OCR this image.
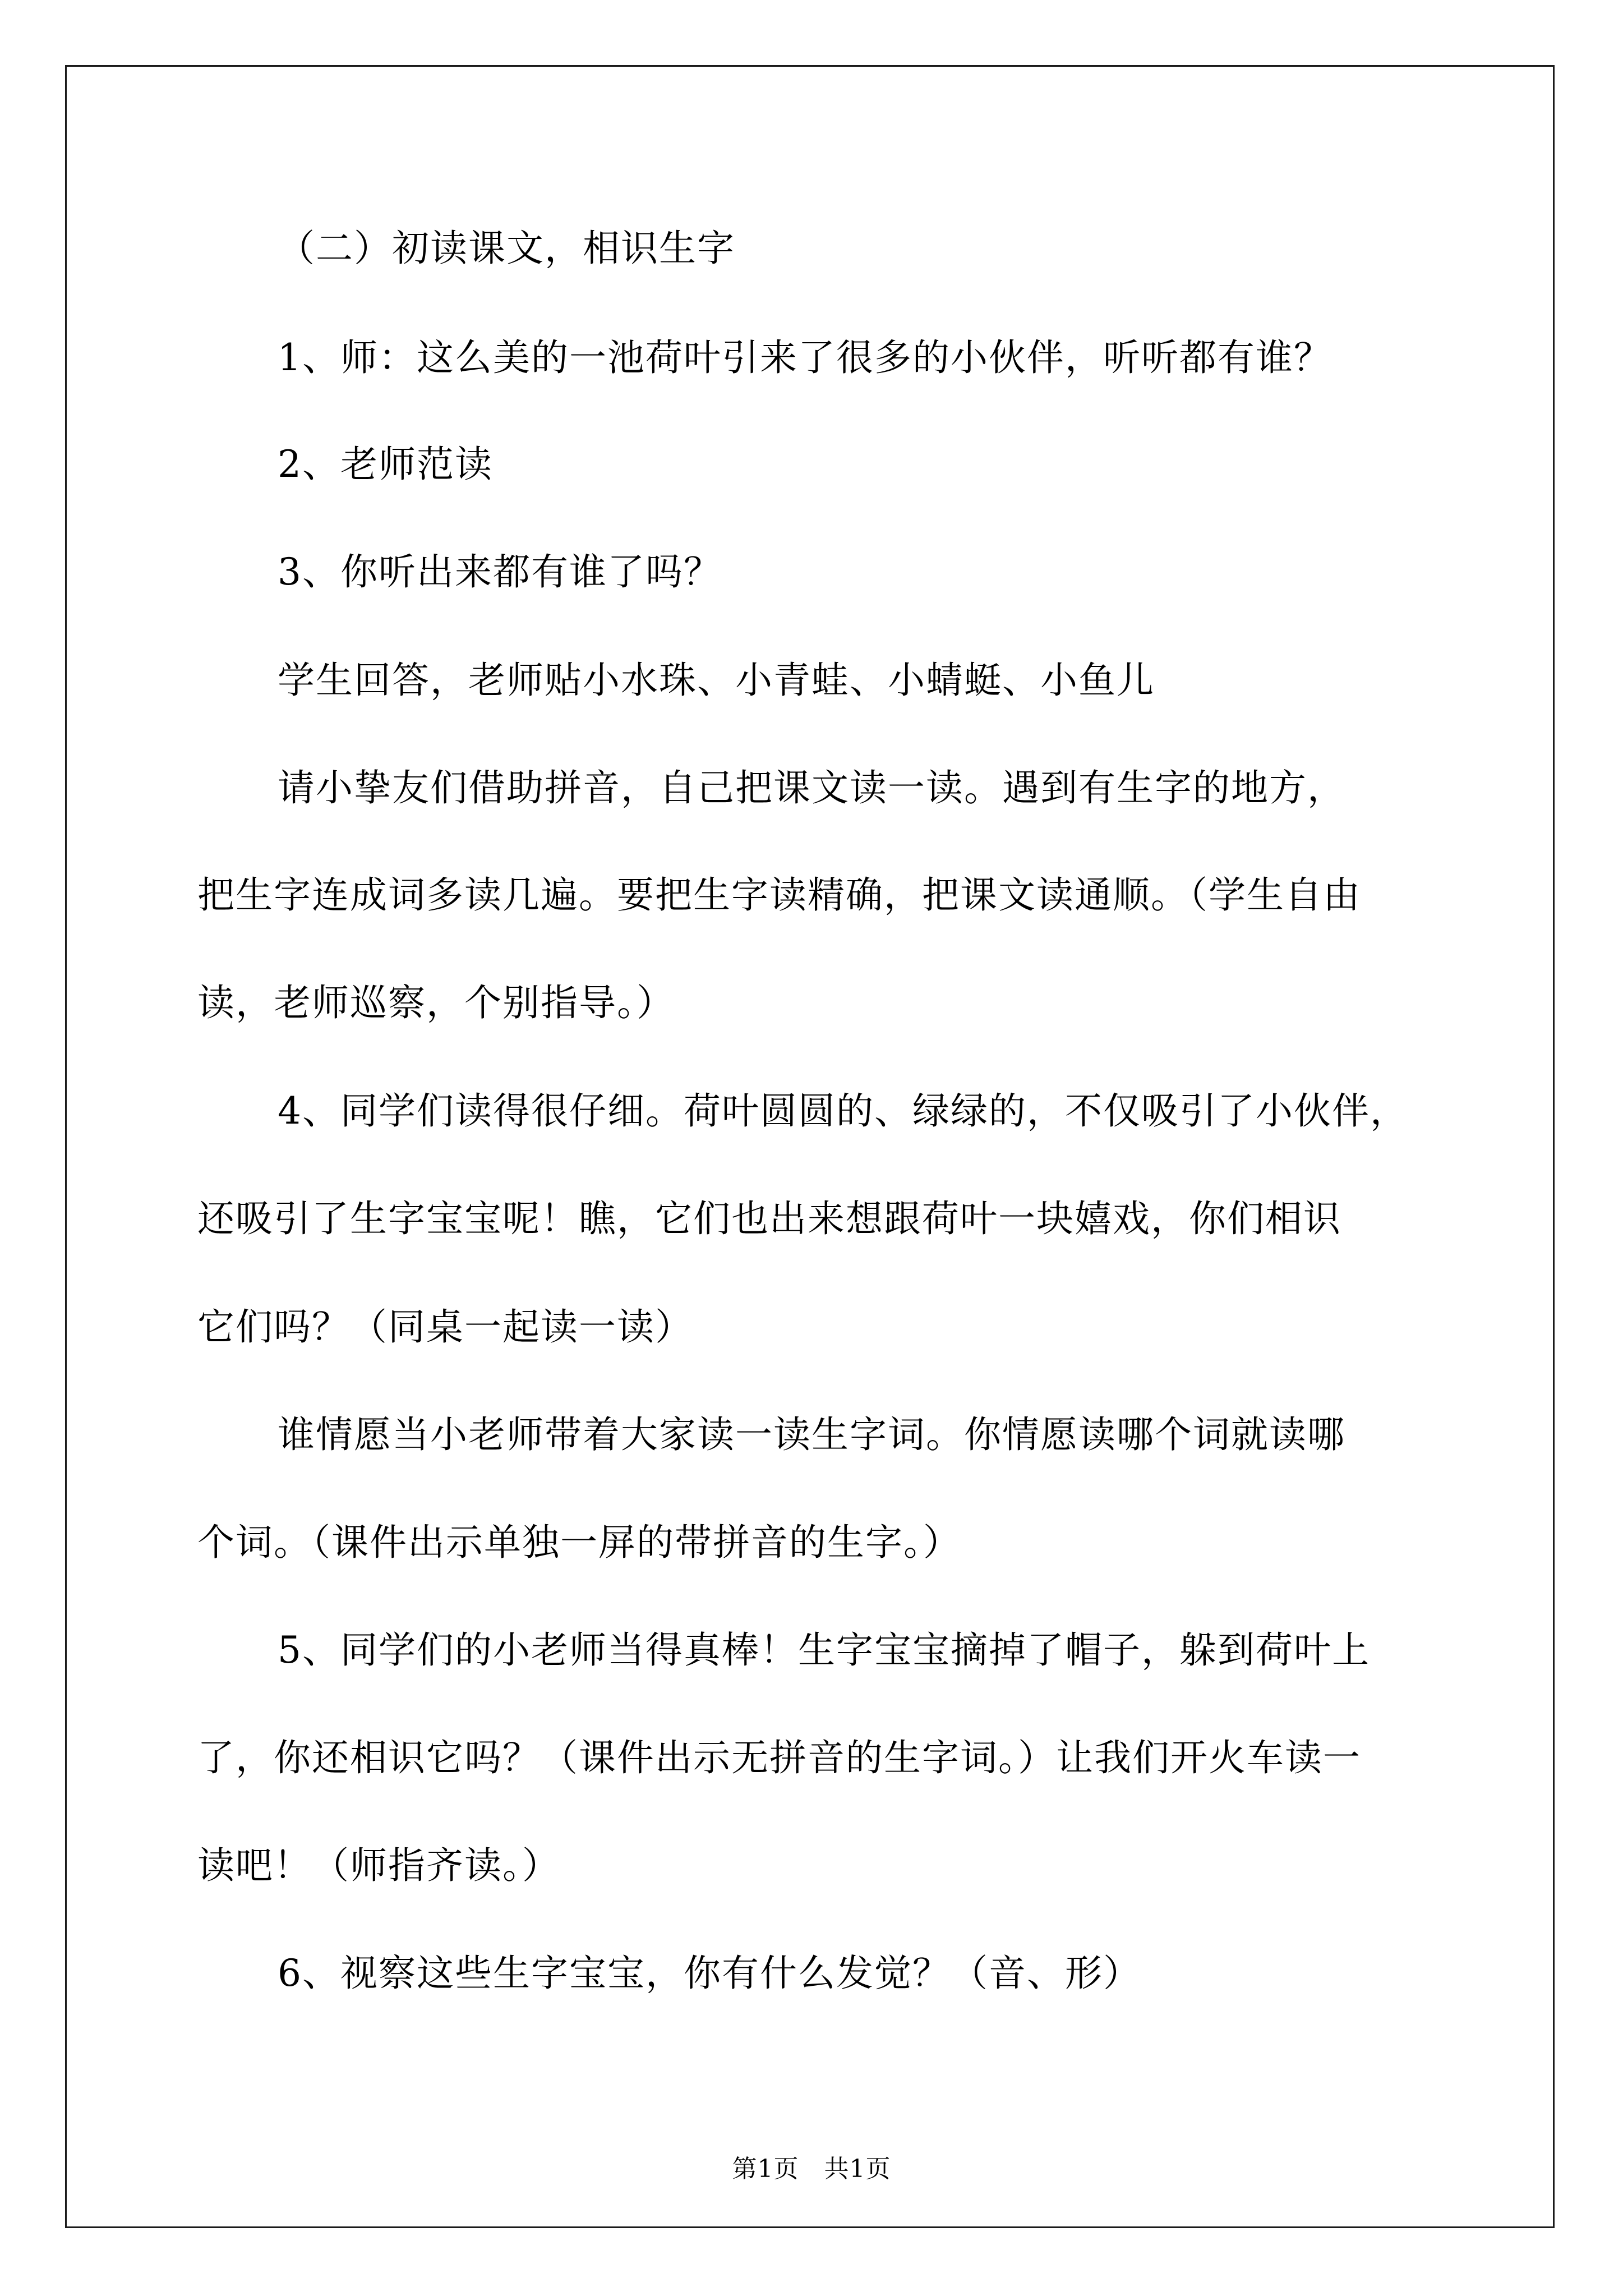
（二）初读课文，相识生字
1、师：这么美的一池荷叶引来了很多的小伙伴，听听都有谁？
2、老师范读
3、你听出来都有谁了吗？
学生回答，老师贴小水珠、小青蛙、小蜻蜓、小鱼儿
请小挚友们借助拼音，自己把课文读一读。遇到有生字的地方，
把生字连成词多读几遍。要把生字读精确，把课文读通顺。（学生自由
读，老师巡察，个别指导。）
4、同学们读得很仔细。荷叶圆圆的、绿绿的，不仅吸引了小伙伴，
还吸引了生字宝宝呢！瞧，它们也出来想跟荷叶一块嬉戏，你们相识
它们吗？（同桌一起读一读）
谁情愿当小老师带着大家读一读生字词。你情愿读哪个词就读哪
个词。（课件出示单独一屏的带拼音的生字。）
5、同学们的小老师当得真棒！生字宝宝摘掉了帽子，躲到荷叶上
了，你还相识它吗？（课件出示无拼音的生字词。）让我们开火车读一
读吧！（师指齐读。）
6、视察这些生字宝宝，你有什么发觉？（音、形）
第1页　共1页
